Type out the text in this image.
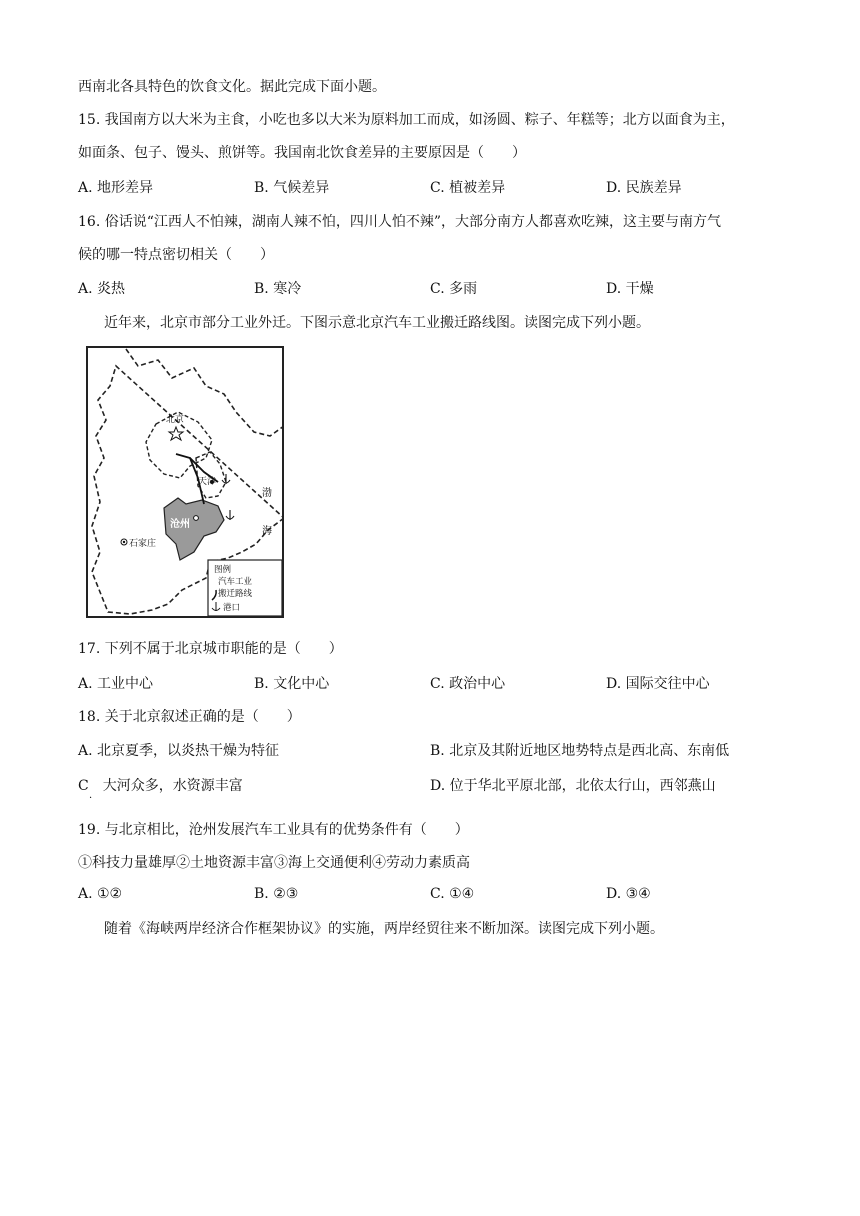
西南北各具特色的饮食文化。据此完成下面小题。
15. 我国南方以大米为主食，小吃也多以大米为原料加工而成，如汤圆、粽子、年糕等；北方以面食为主，
如面条、包子、馒头、煎饼等。我国南北饮食差异的主要原因是（　　）
A. 地形差异	B. 气候差异	C. 植被差异	D. 民族差异
16. 俗话说“江西人不怕辣，湖南人辣不怕，四川人怕不辣”，大部分南方人都喜欢吃辣，这主要与南方气
候的哪一特点密切相关（　　）
A. 炎热	B. 寒冷	C. 多雨	D. 干燥
近年来，北京市部分工业外迁。下图示意北京汽车工业搬迁路线图。读图完成下列小题。
北京
天津
沧州
石家庄
渤
海
图例
汽车工业
搬迁路线
港口
17. 下列不属于北京城市职能的是（　　）
A. 工业中心	B. 文化中心	C. 政治中心	D. 国际交往中心
18. 关于北京叙述正确的是（　　）
A. 北京夏季，以炎热干燥为特征	B. 北京及其附近地区地势特点是西北高、东南低
C　大河众多，水资源丰富
·
D. 位于华北平原北部，北依太行山，西邻燕山
19. 与北京相比，沧州发展汽车工业具有的优势条件有（　　）
①科技力量雄厚②土地资源丰富③海上交通便利④劳动力素质高
A. ①②	B. ②③	C. ①④	D. ③④
随着《海峡两岸经济合作框架协议》的实施，两岸经贸往来不断加深。读图完成下列小题。
